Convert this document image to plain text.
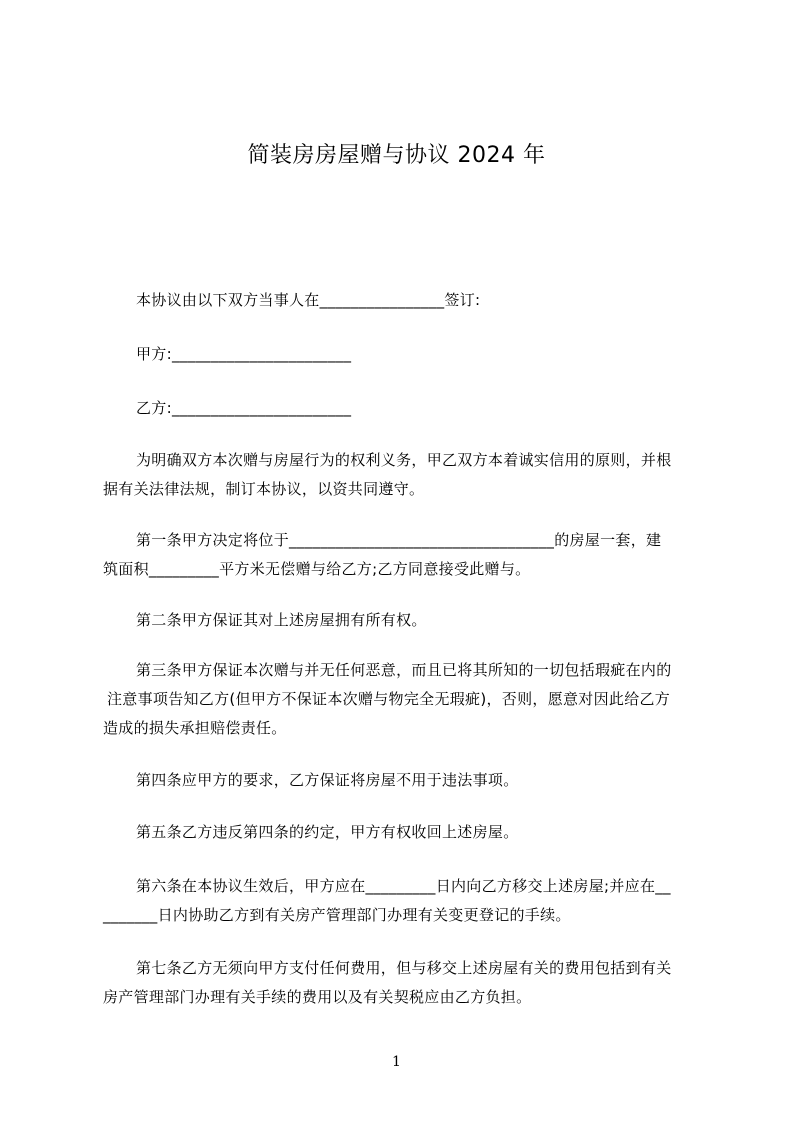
简装房房屋赠与协议 2024 年
本协议由以下双方当事人在________________签订:
甲方:_______________________
乙方:_______________________
为明确双方本次赠与房屋行为的权利义务，甲乙双方本着诚实信用的原则，并根
据有关法律法规，制订本协议，以资共同遵守。
第一条甲方决定将位于__________________________________的房屋一套，建
筑面积_________平方米无偿赠与给乙方;乙方同意接受此赠与。
第二条甲方保证其对上述房屋拥有所有权。
第三条甲方保证本次赠与并无任何恶意，而且已将其所知的一切包括瑕疵在内的
注意事项告知乙方(但甲方不保证本次赠与物完全无瑕疵)，否则，愿意对因此给乙方
造成的损失承担赔偿责任。
第四条应甲方的要求，乙方保证将房屋不用于违法事项。
第五条乙方违反第四条的约定，甲方有权收回上述房屋。
第六条在本协议生效后，甲方应在_________日内向乙方移交上述房屋;并应在__
_______日内协助乙方到有关房产管理部门办理有关变更登记的手续。
第七条乙方无须向甲方支付任何费用，但与移交上述房屋有关的费用包括到有关
房产管理部门办理有关手续的费用以及有关契税应由乙方负担。
1
